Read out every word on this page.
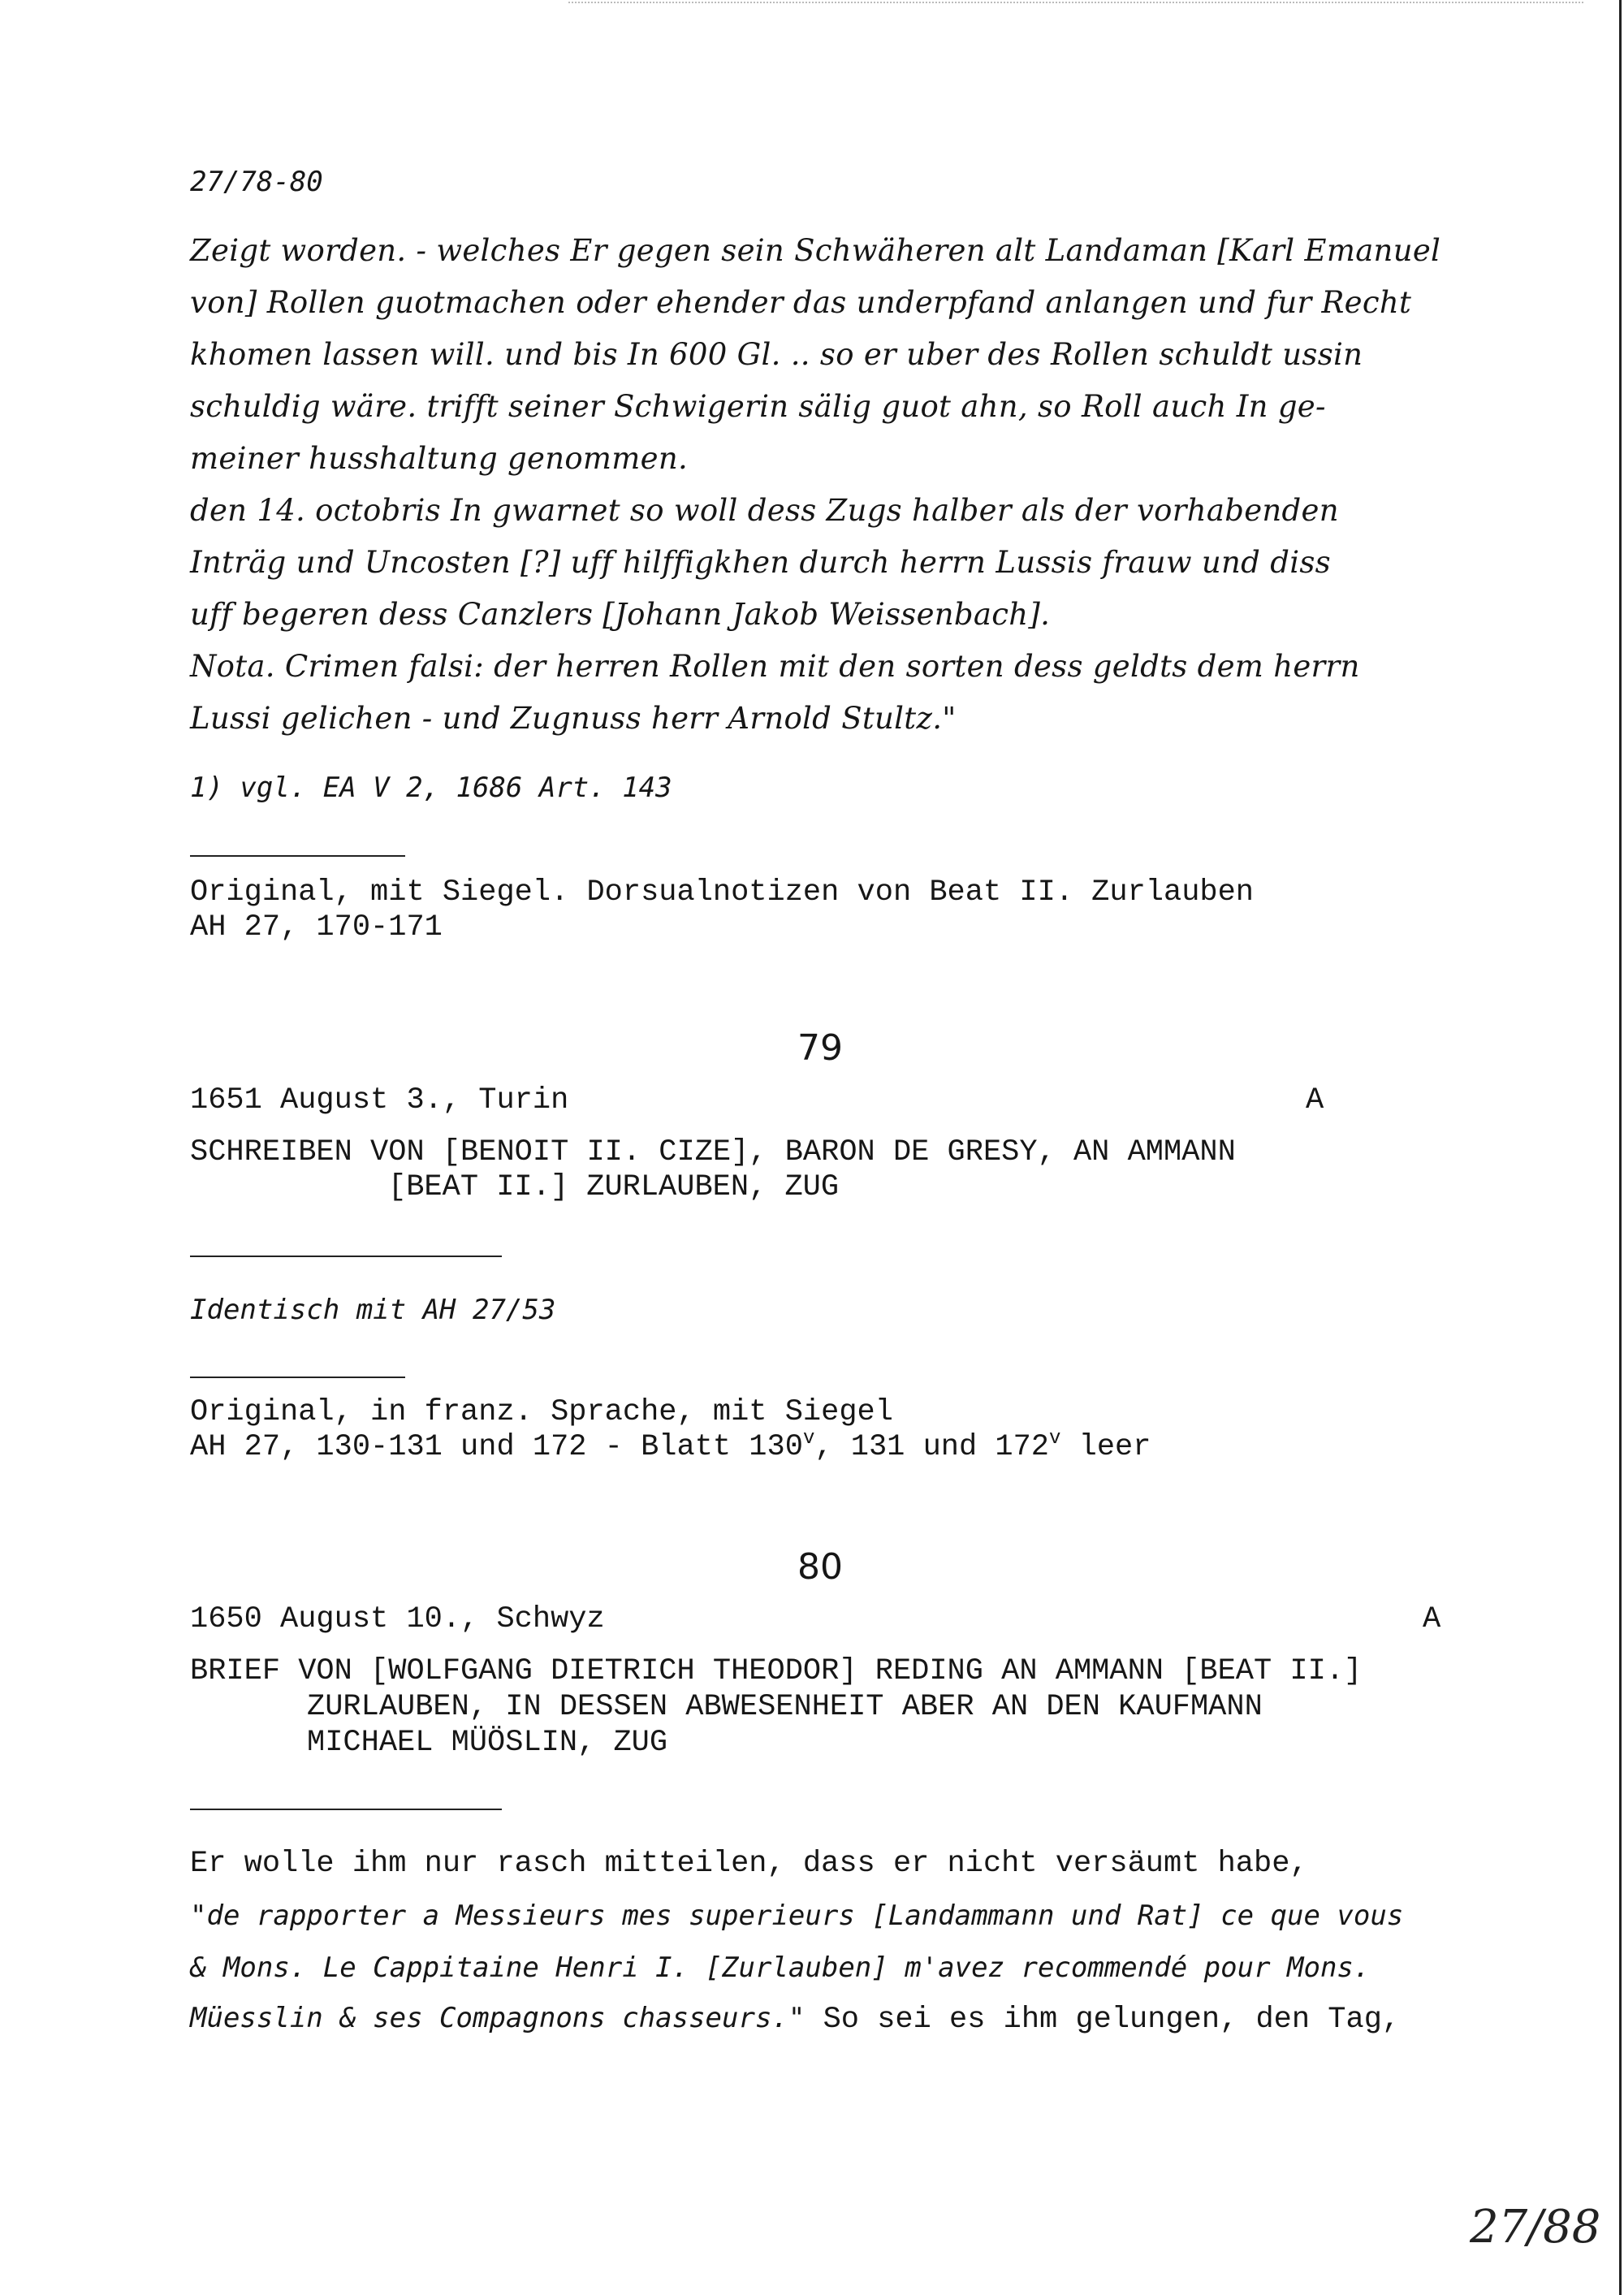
27/78-80

Zeigt worden. - welches Er gegen sein Schwäheren alt Landaman [Karl Emanuel

von] Rollen guotmachen oder ehender das underpfand anlangen und fur Recht

khomen lassen will. und bis In 600 Gl. .. so er uber des Rollen schuldt ussin

schuldig wäre. trifft seiner Schwigerin sälig guot ahn, so Roll auch In ge-

meiner husshaltung genommen.

den 14. octobris In gwarnet so woll dess Zugs halber als der vorhabenden

Inträg und Uncosten [?] uff hilffigkhen durch herrn Lussis frauw und diss

uff begeren dess Canzlers [Johann Jakob Weissenbach].

Nota. Crimen falsi: der herren Rollen mit den sorten dess geldts dem herrn

Lussi gelichen - und Zugnuss herr Arnold Stultz."

1) vgl. EA V 2, 1686 Art. 143

Original, mit Siegel. Dorsualnotizen von Beat II. Zurlauben

AH 27, 170-171

79

1651 August 3., Turin	A

SCHREIBEN VON [BENOIT II. CIZE], BARON DE GRESY, AN AMMANN

[BEAT II.] ZURLAUBEN, ZUG

Identisch mit AH 27/53

Original, in franz. Sprache, mit Siegel

AH 27, 130-131 und 172 - Blatt 130$^v$, 131 und 172$^v$ leer

80

1650 August 10., Schwyz	A

BRIEF VON [WOLFGANG DIETRICH THEODOR] REDING AN AMMANN [BEAT II.]

ZURLAUBEN, IN DESSEN ABWESENHEIT ABER AN DEN KAUFMANN

MICHAEL MÜÖSLIN, ZUG

Er wolle ihm nur rasch mitteilen, dass er nicht versäumt habe,

"de rapporter a Messieurs mes superieurs [Landammann und Rat] ce que vous

& Mons. Le Cappitaine Henri I. [Zurlauben] m'avez recommendé pour Mons.

Müesslin & ses Compagnons chasseurs." So sei es ihm gelungen, den Tag,

27/88
